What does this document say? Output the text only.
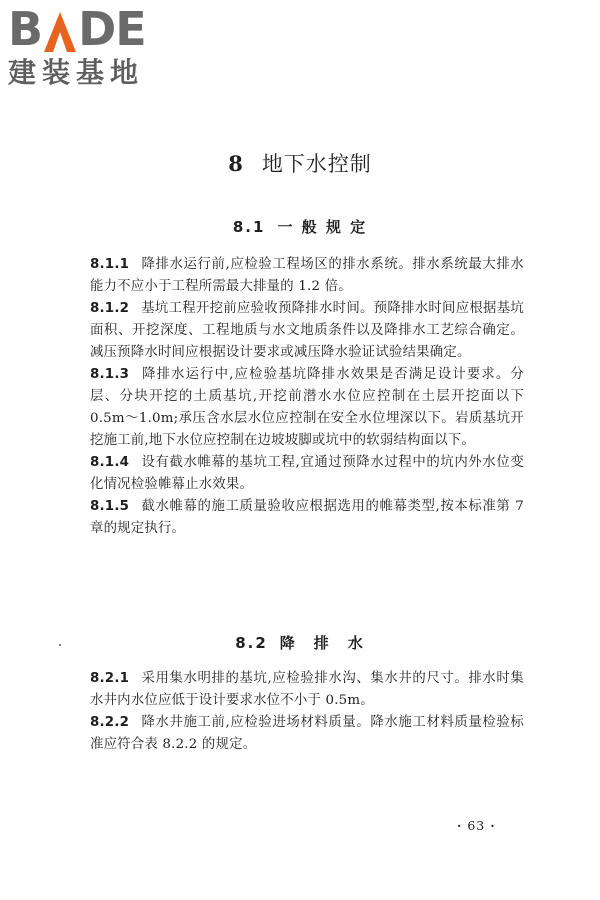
B DE
建装基地
8 地下水控制
8.1 一 般 规 定

8.1.1 降排水运行前,应检验工程场区的排水系统。排水系统最大排水能力不应小于工程所需最大排量的 1.2 倍。

8.1.2 基坑工程开挖前应验收预降排水时间。预降排水时间应根据基坑面积、开挖深度、工程地质与水文地质条件以及降排水工艺综合确定。减压预降水时间应根据设计要求或减压降水验证试验结果确定。

8.1.3 降排水运行中,应检验基坑降排水效果是否满足设计要求。分层、分块开挖的土质基坑,开挖前潜水水位应控制在土层开挖面以下 0.5m～1.0m;承压含水层水位应控制在安全水位埋深以下。岩质基坑开挖施工前,地下水位应控制在边坡坡脚或坑中的软弱结构面以下。

8.1.4 设有截水帷幕的基坑工程,宜通过预降水过程中的坑内外水位变化情况检验帷幕止水效果。

8.1.5 截水帷幕的施工质量验收应根据选用的帷幕类型,按本标准第 7 章的规定执行。

8.2 降　排　水

8.2.1 采用集水明排的基坑,应检验排水沟、集水井的尺寸。排水时集水井内水位应低于设计要求水位不小于 0.5m。

8.2.2 降水井施工前,应检验进场材料质量。降水施工材料质量检验标准应符合表 8.2.2 的规定。

· 63 ·
